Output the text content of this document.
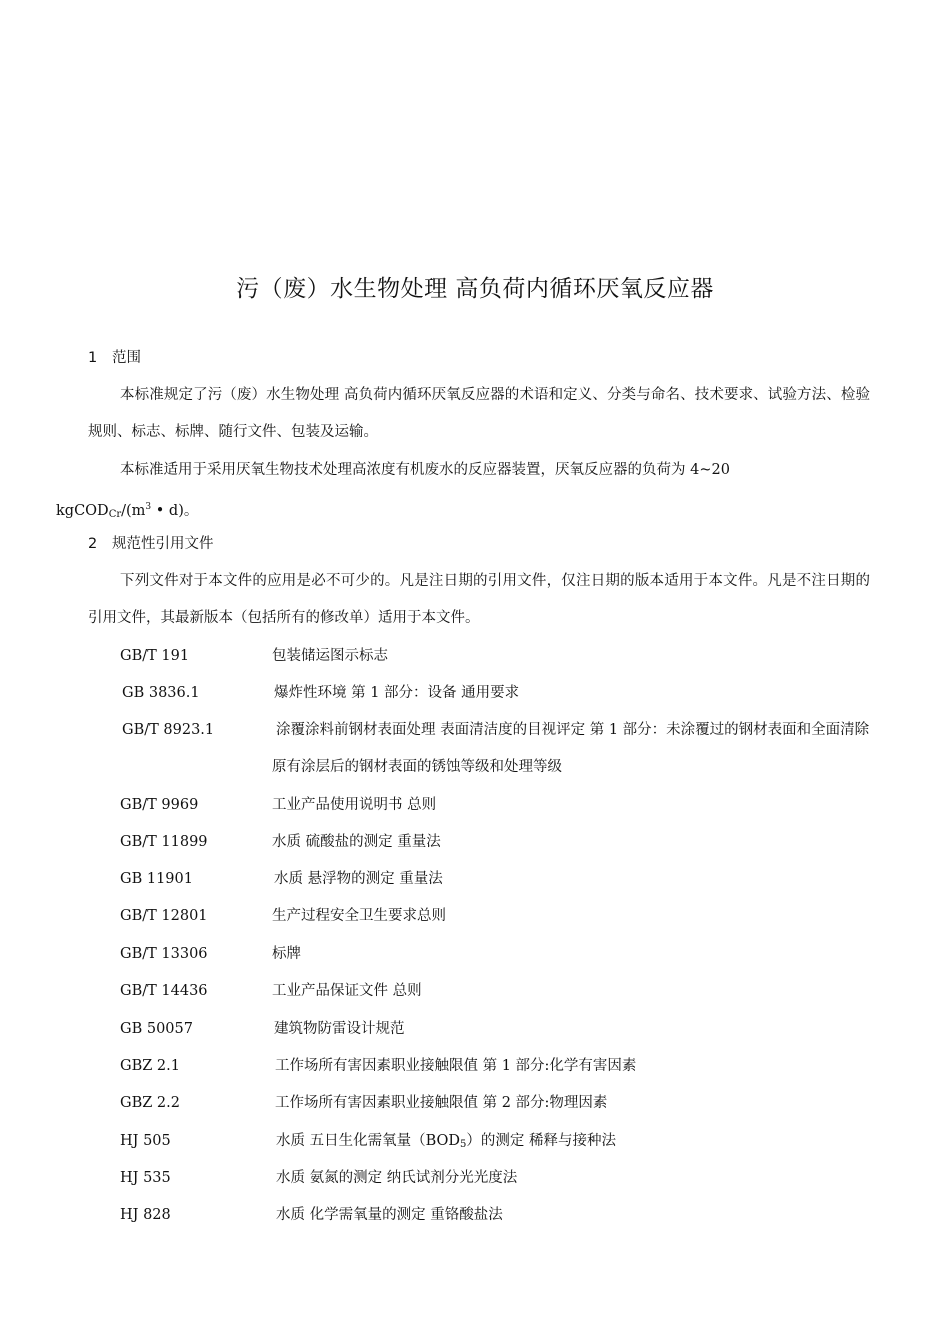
污（废）水生物处理 高负荷内循环厌氧反应器
1 范围
本标准规定了污（废）水生物处理 高负荷内循环厌氧反应器的术语和定义、分类与命名、技术要求、试验方法、检验规则、标志、标牌、随行文件、包装及运输。
本标准适用于采用厌氧生物技术处理高浓度有机废水的反应器装置，厌氧反应器的负荷为 4~20
$kgCOD_{Cr}/(m^3$ • d)。
2 规范性引用文件
下列文件对于本文件的应用是必不可少的。凡是注日期的引用文件，仅注日期的版本适用于本文件。凡是不注日期的引用文件，其最新版本（包括所有的修改单）适用于本文件。
GB/T 191	包装储运图示标志
GB 3836.1	爆炸性环境 第 1 部分：设备 通用要求
GB/T 8923.1	涂覆涂料前钢材表面处理 表面清洁度的目视评定 第 1 部分：未涂覆过的钢材表面和全面清除原有涂层后的钢材表面的锈蚀等级和处理等级
GB/T 9969	工业产品使用说明书 总则
GB/T 11899	水质 硫酸盐的测定 重量法
GB 11901	水质 悬浮物的测定 重量法
GB/T 12801	生产过程安全卫生要求总则
GB/T 13306	标牌
GB/T 14436	工业产品保证文件 总则
GB 50057	建筑物防雷设计规范
GBZ 2.1	工作场所有害因素职业接触限值 第 1 部分:化学有害因素
GBZ 2.2	工作场所有害因素职业接触限值 第 2 部分:物理因素
HJ 505	水质 五日生化需氧量$(BOD_5)$的测定 稀释与接种法
HJ 535	水质 氨氮的测定 纳氏试剂分光光度法
HJ 828	水质 化学需氧量的测定 重铬酸盐法
